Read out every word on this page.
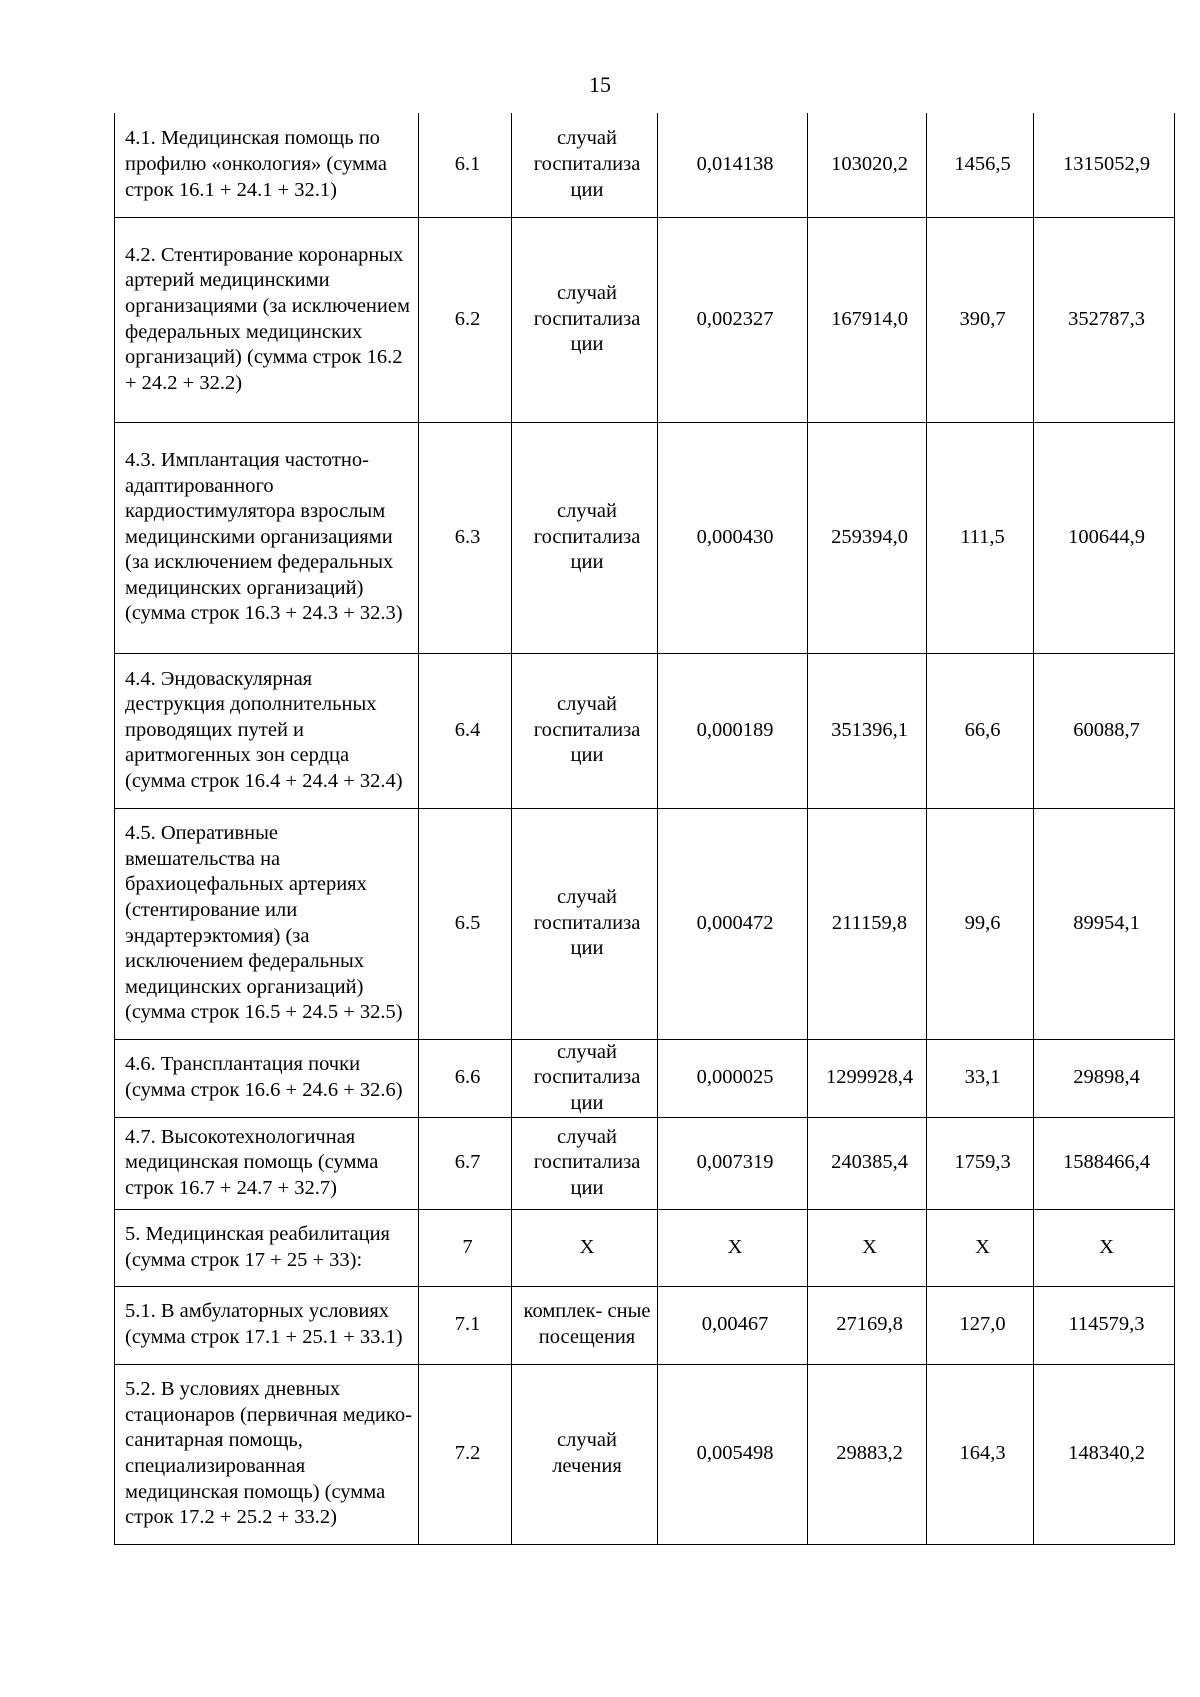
15
4.1. Медицинская помощь по профилю «онкология» (сумма строк 16.1 + 24.1 + 32.1)	6.1	случай госпитализа ции	0,014138	103020,2	1456,5	1315052,9
4.2. Стентирование коронарных артерий медицинскими организациями (за исключением федеральных медицинских организаций) (сумма строк 16.2 + 24.2 + 32.2)	6.2	случай госпитализа ции	0,002327	167914,0	390,7	352787,3
4.3. Имплантация частотно-адаптированного кардиостимулятора взрослым медицинскими организациями (за исключением федеральных медицинских организаций) (сумма строк 16.3 + 24.3 + 32.3)	6.3	случай госпитализа ции	0,000430	259394,0	111,5	100644,9
4.4. Эндоваскулярная деструкция дополнительных проводящих путей и аритмогенных зон сердца (сумма строк 16.4 + 24.4 + 32.4)	6.4	случай госпитализа ции	0,000189	351396,1	66,6	60088,7
4.5. Оперативные вмешательства на брахиоцефальных артериях (стентирование или эндартерэктомия) (за исключением федеральных медицинских организаций) (сумма строк 16.5 + 24.5 + 32.5)	6.5	случай госпитализа ции	0,000472	211159,8	99,6	89954,1
4.6. Трансплантация почки (сумма строк 16.6 + 24.6 + 32.6)	6.6	случай госпитализа ции	0,000025	1299928,4	33,1	29898,4
4.7. Высокотехнологичная медицинская помощь (сумма строк 16.7 + 24.7 + 32.7)	6.7	случай госпитализа ции	0,007319	240385,4	1759,3	1588466,4
5. Медицинская реабилитация (сумма строк 17 + 25 + 33):	7	Х	Х	Х	Х	Х
5.1. В амбулаторных условиях (сумма строк 17.1 + 25.1 + 33.1)	7.1	комплек- сные посещения	0,00467	27169,8	127,0	114579,3
5.2. В условиях дневных стационаров (первичная медико-санитарная помощь, специализированная медицинская помощь) (сумма строк 17.2 + 25.2 + 33.2)	7.2	случай лечения	0,005498	29883,2	164,3	148340,2
